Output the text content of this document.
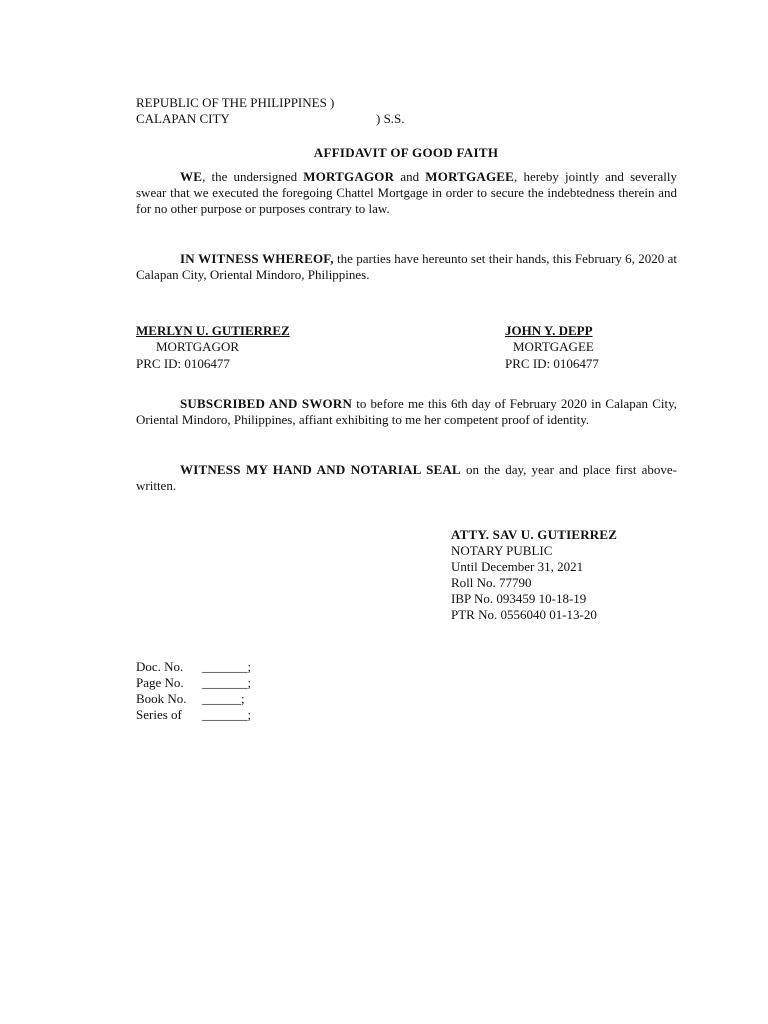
REPUBLIC OF THE PHILIPPINES )
CALAPAN CITY	) S.S.
AFFIDAVIT OF GOOD FAITH
WE, the undersigned MORTGAGOR and MORTGAGEE, hereby jointly and severally swear that we executed the foregoing Chattel Mortgage in order to secure the indebtedness therein and for no other purpose or purposes contrary to law.
IN WITNESS WHEREOF, the parties have hereunto set their hands, this February 6, 2020 at Calapan City, Oriental Mindoro, Philippines.
MERLYN U. GUTIERREZ
MORTGAGOR
PRC ID: 0106477
JOHN Y. DEPP
MORTGAGEE
PRC ID: 0106477
SUBSCRIBED AND SWORN to before me this 6th day of February 2020 in Calapan City, Oriental Mindoro, Philippines, affiant exhibiting to me her competent proof of identity.
WITNESS MY HAND AND NOTARIAL SEAL on the day, year and place first above-written.
ATTY. SAV U. GUTIERREZ
NOTARY PUBLIC
Until December 31, 2021
Roll No. 77790
IBP No. 093459 10-18-19
PTR No. 0556040 01-13-20
Doc. No. _______;
Page No. _______;
Book No. ______;
Series of _______;
